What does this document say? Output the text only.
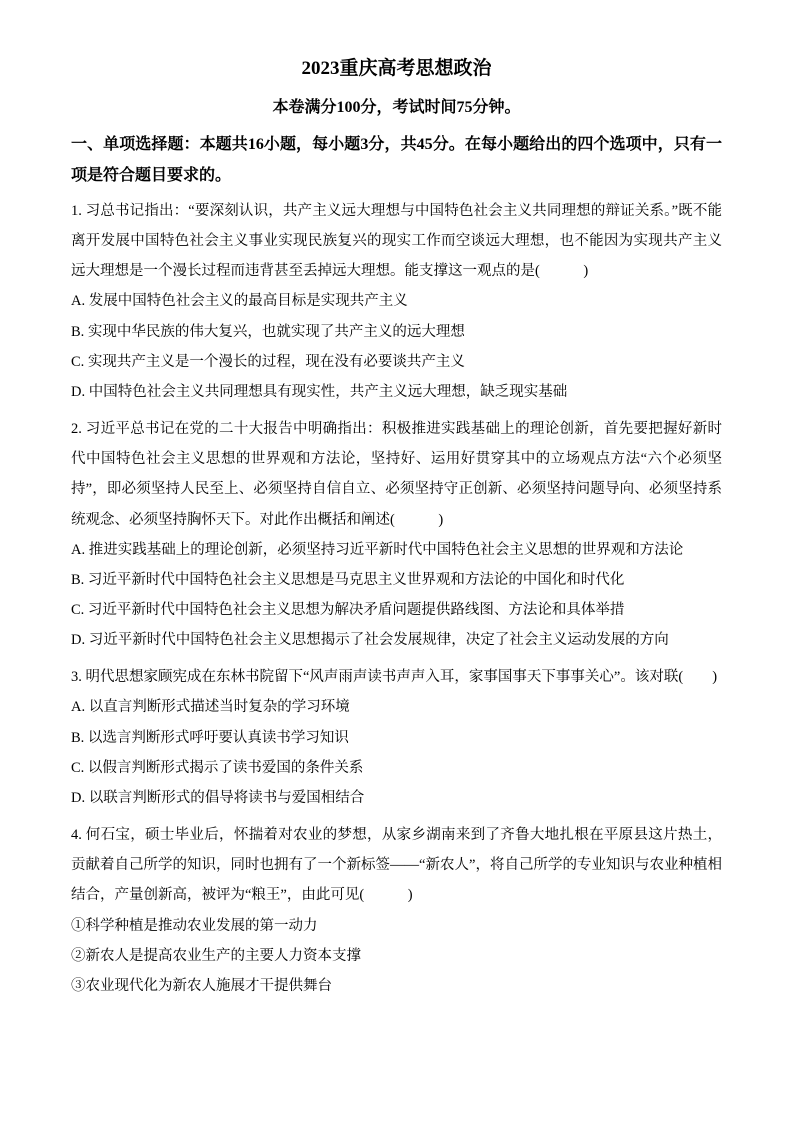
2023重庆高考思想政治
本卷满分100分，考试时间75分钟。
一、单项选择题：本题共16小题，每小题3分，共45分。在每小题给出的四个选项中，只有一项是符合题目要求的。

1. 习总书记指出：“要深刻认识，共产主义远大理想与中国特色社会主义共同理想的辩证关系。”既不能离开发展中国特色社会主义事业实现民族复兴的现实工作而空谈远大理想，也不能因为实现共产主义远大理想是一个漫长过程而违背甚至丢掉远大理想。能支撑这一观点的是(　　　)

A. 发展中国特色社会主义的最高目标是实现共产主义

B. 实现中华民族的伟大复兴，也就实现了共产主义的远大理想

C. 实现共产主义是一个漫长的过程，现在没有必要谈共产主义

D. 中国特色社会主义共同理想具有现实性，共产主义远大理想，缺乏现实基础

2. 习近平总书记在党的二十大报告中明确指出：积极推进实践基础上的理论创新，首先要把握好新时代中国特色社会主义思想的世界观和方法论，坚持好、运用好贯穿其中的立场观点方法“六个必须坚持”，即必须坚持人民至上、必须坚持自信自立、必须坚持守正创新、必须坚持问题导向、必须坚持系统观念、必须坚持胸怀天下。对此作出概括和阐述(　　　)

A. 推进实践基础上的理论创新，必须坚持习近平新时代中国特色社会主义思想的世界观和方法论

B. 习近平新时代中国特色社会主义思想是马克思主义世界观和方法论的中国化和时代化

C. 习近平新时代中国特色社会主义思想为解决矛盾问题提供路线图、方法论和具体举措

D. 习近平新时代中国特色社会主义思想揭示了社会发展规律，决定了社会主义运动发展的方向

3. 明代思想家顾宪成在东林书院留下“风声雨声读书声声入耳，家事国事天下事事关心”。该对联(　　)

A. 以直言判断形式描述当时复杂的学习环境

B. 以选言判断形式呼吁要认真读书学习知识

C. 以假言判断形式揭示了读书爱国的条件关系

D. 以联言判断形式的倡导将读书与爱国相结合

4. 何石宝，硕士毕业后，怀揣着对农业的梦想，从家乡湖南来到了齐鲁大地扎根在平原县这片热土，贡献着自己所学的知识，同时也拥有了一个新标签——“新农人”，将自己所学的专业知识与农业种植相结合，产量创新高，被评为“粮王”，由此可见(　　　)

①科学种植是推动农业发展的第一动力

②新农人是提高农业生产的主要人力资本支撑

③农业现代化为新农人施展才干提供舞台
